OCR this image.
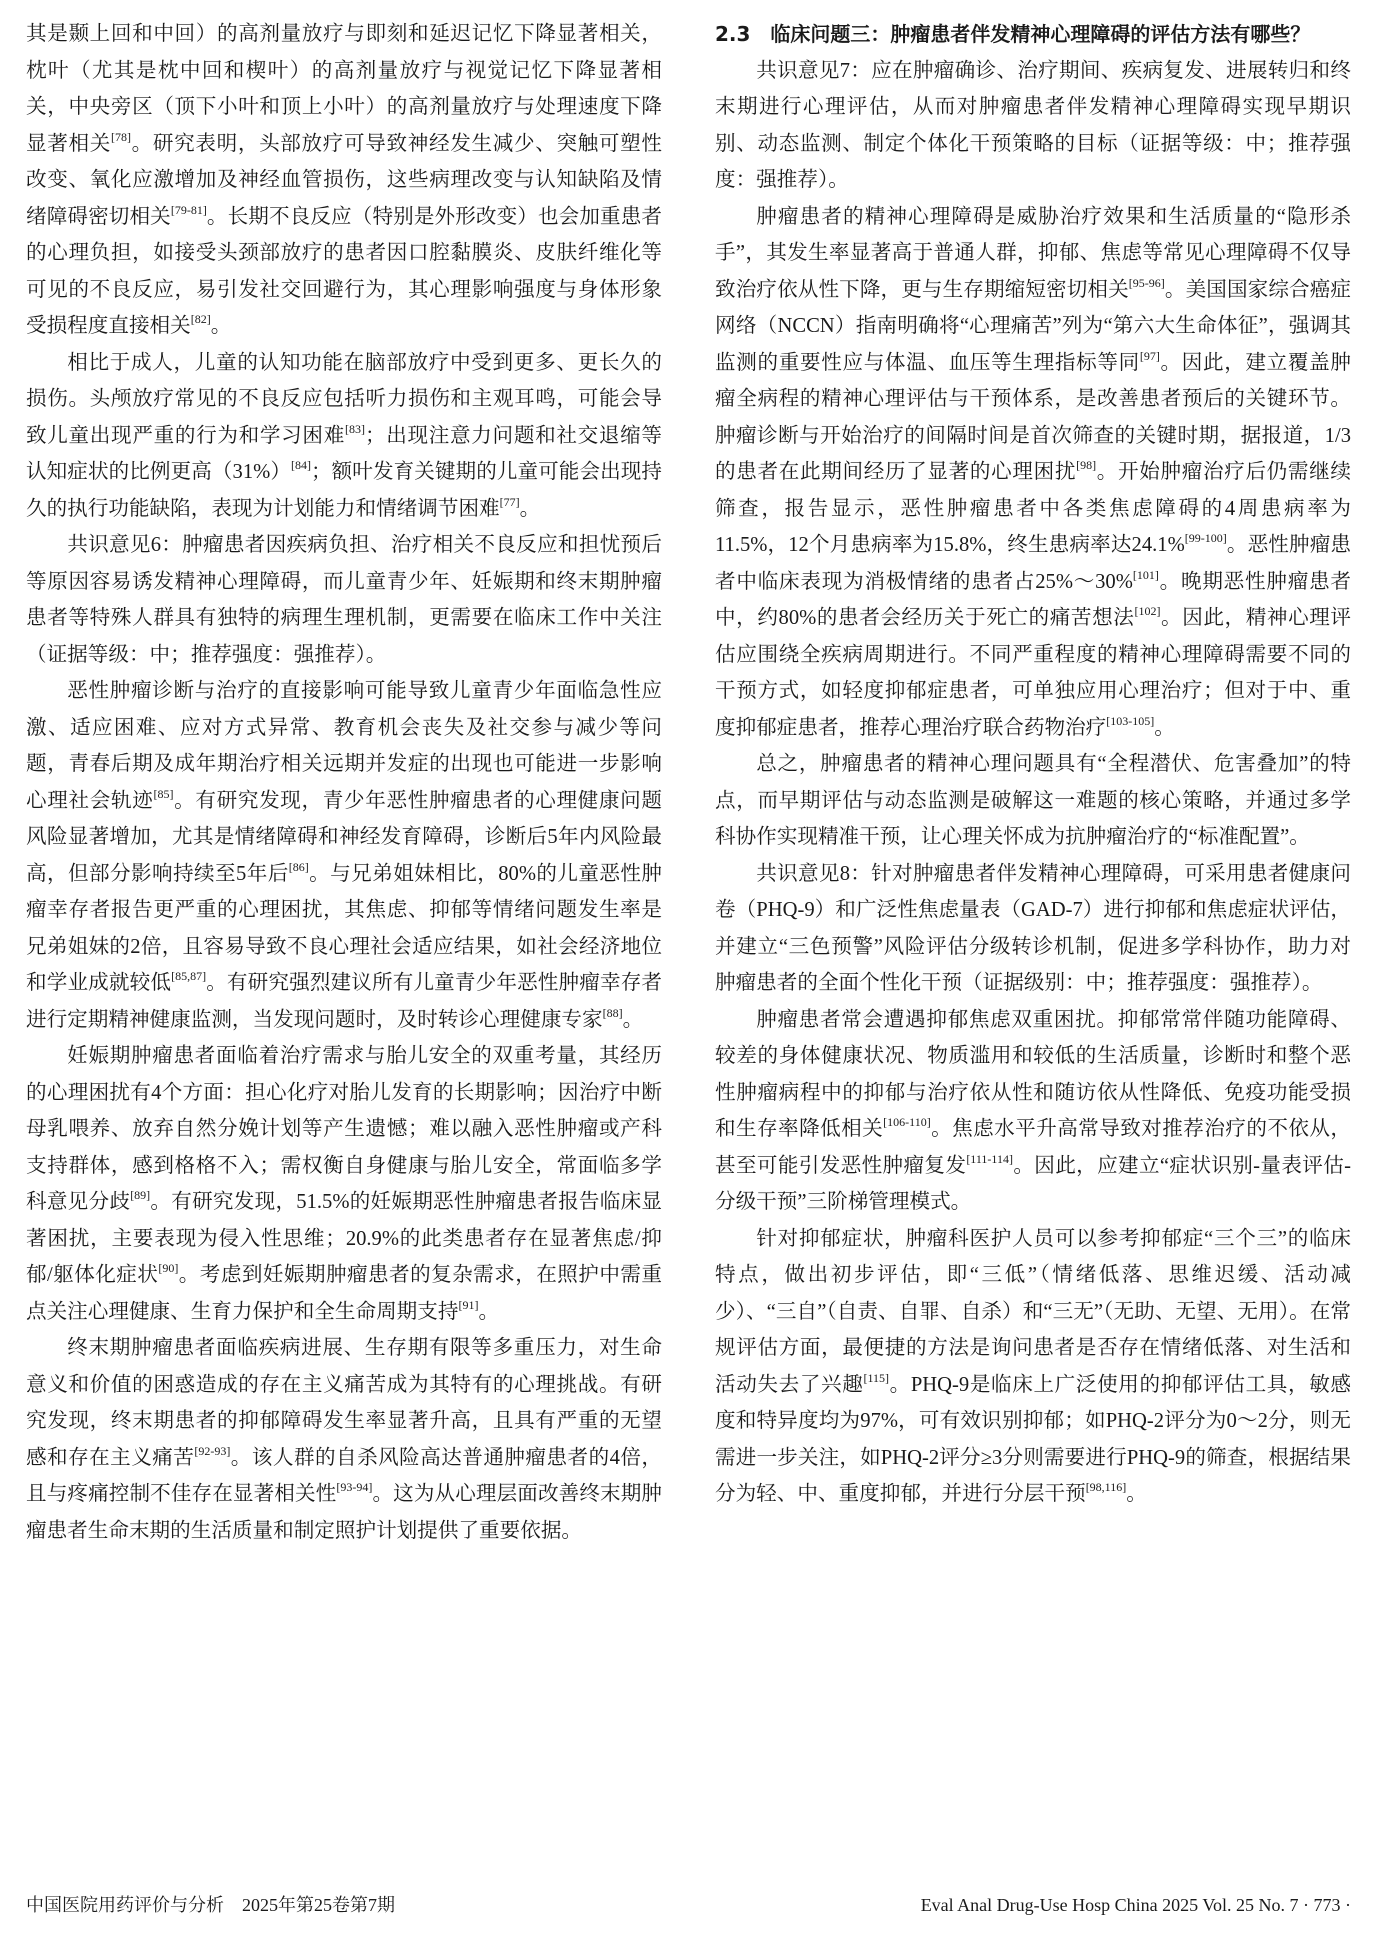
其是颞上回和中回）的高剂量放疗与即刻和延迟记忆下降显著相关，枕叶（尤其是枕中回和楔叶）的高剂量放疗与视觉记忆下降显著相关，中央旁区（顶下小叶和顶上小叶）的高剂量放疗与处理速度下降显著相关[78]。研究表明，头部放疗可导致神经发生减少、突触可塑性改变、氧化应激增加及神经血管损伤，这些病理改变与认知缺陷及情绪障碍密切相关[79-81]。长期不良反应（特别是外形改变）也会加重患者的心理负担，如接受头颈部放疗的患者因口腔黏膜炎、皮肤纤维化等可见的不良反应，易引发社交回避行为，其心理影响强度与身体形象受损程度直接相关[82]。

相比于成人，儿童的认知功能在脑部放疗中受到更多、更长久的损伤。头颅放疗常见的不良反应包括听力损伤和主观耳鸣，可能会导致儿童出现严重的行为和学习困难[83]；出现注意力问题和社交退缩等认知症状的比例更高（31%）[84]；额叶发育关键期的儿童可能会出现持久的执行功能缺陷，表现为计划能力和情绪调节困难[77]。

共识意见6：肿瘤患者因疾病负担、治疗相关不良反应和担忧预后等原因容易诱发精神心理障碍，而儿童青少年、妊娠期和终末期肿瘤患者等特殊人群具有独特的病理生理机制，更需要在临床工作中关注（证据等级：中；推荐强度：强推荐）。

恶性肿瘤诊断与治疗的直接影响可能导致儿童青少年面临急性应激、适应困难、应对方式异常、教育机会丧失及社交参与减少等问题，青春后期及成年期治疗相关远期并发症的出现也可能进一步影响心理社会轨迹[85]。有研究发现，青少年恶性肿瘤患者的心理健康问题风险显著增加，尤其是情绪障碍和神经发育障碍，诊断后5年内风险最高，但部分影响持续至5年后[86]。与兄弟姐妹相比，80%的儿童恶性肿瘤幸存者报告更严重的心理困扰，其焦虑、抑郁等情绪问题发生率是兄弟姐妹的2倍，且容易导致不良心理社会适应结果，如社会经济地位和学业成就较低[85,87]。有研究强烈建议所有儿童青少年恶性肿瘤幸存者进行定期精神健康监测，当发现问题时，及时转诊心理健康专家[88]。

妊娠期肿瘤患者面临着治疗需求与胎儿安全的双重考量，其经历的心理困扰有4个方面：担心化疗对胎儿发育的长期影响；因治疗中断母乳喂养、放弃自然分娩计划等产生遗憾；难以融入恶性肿瘤或产科支持群体，感到格格不入；需权衡自身健康与胎儿安全，常面临多学科意见分歧[89]。有研究发现，51.5%的妊娠期恶性肿瘤患者报告临床显著困扰，主要表现为侵入性思维；20.9%的此类患者存在显著焦虑/抑郁/躯体化症状[90]。考虑到妊娠期肿瘤患者的复杂需求，在照护中需重点关注心理健康、生育力保护和全生命周期支持[91]。

终末期肿瘤患者面临疾病进展、生存期有限等多重压力，对生命意义和价值的困惑造成的存在主义痛苦成为其特有的心理挑战。有研究发现，终末期患者的抑郁障碍发生率显著升高，且具有严重的无望感和存在主义痛苦[92-93]。该人群的自杀风险高达普通肿瘤患者的4倍，且与疼痛控制不佳存在显著相关性[93-94]。这为从心理层面改善终末期肿瘤患者生命末期的生活质量和制定照护计划提供了重要依据。

2.3　临床问题三：肿瘤患者伴发精神心理障碍的评估方法有哪些？

共识意见7：应在肿瘤确诊、治疗期间、疾病复发、进展转归和终末期进行心理评估，从而对肿瘤患者伴发精神心理障碍实现早期识别、动态监测、制定个体化干预策略的目标（证据等级：中；推荐强度：强推荐）。

肿瘤患者的精神心理障碍是威胁治疗效果和生活质量的“隐形杀手”，其发生率显著高于普通人群，抑郁、焦虑等常见心理障碍不仅导致治疗依从性下降，更与生存期缩短密切相关[95-96]。美国国家综合癌症网络（NCCN）指南明确将“心理痛苦”列为“第六大生命体征”，强调其监测的重要性应与体温、血压等生理指标等同[97]。因此，建立覆盖肿瘤全病程的精神心理评估与干预体系，是改善患者预后的关键环节。肿瘤诊断与开始治疗的间隔时间是首次筛查的关键时期，据报道，1/3的患者在此期间经历了显著的心理困扰[98]。开始肿瘤治疗后仍需继续筛查，报告显示，恶性肿瘤患者中各类焦虑障碍的4周患病率为11.5%，12个月患病率为15.8%，终生患病率达24.1%[99-100]。恶性肿瘤患者中临床表现为消极情绪的患者占25%～30%[101]。晚期恶性肿瘤患者中，约80%的患者会经历关于死亡的痛苦想法[102]。因此，精神心理评估应围绕全疾病周期进行。不同严重程度的精神心理障碍需要不同的干预方式，如轻度抑郁症患者，可单独应用心理治疗；但对于中、重度抑郁症患者，推荐心理治疗联合药物治疗[103-105]。

总之，肿瘤患者的精神心理问题具有“全程潜伏、危害叠加”的特点，而早期评估与动态监测是破解这一难题的核心策略，并通过多学科协作实现精准干预，让心理关怀成为抗肿瘤治疗的“标准配置”。

共识意见8：针对肿瘤患者伴发精神心理障碍，可采用患者健康问卷（PHQ-9）和广泛性焦虑量表（GAD-7）进行抑郁和焦虑症状评估，并建立“三色预警”风险评估分级转诊机制，促进多学科协作，助力对肿瘤患者的全面个性化干预（证据级别：中；推荐强度：强推荐）。

肿瘤患者常会遭遇抑郁焦虑双重困扰。抑郁常常伴随功能障碍、较差的身体健康状况、物质滥用和较低的生活质量，诊断时和整个恶性肿瘤病程中的抑郁与治疗依从性和随访依从性降低、免疫功能受损和生存率降低相关[106-110]。焦虑水平升高常导致对推荐治疗的不依从，甚至可能引发恶性肿瘤复发[111-114]。因此，应建立“症状识别-量表评估-分级干预”三阶梯管理模式。

针对抑郁症状，肿瘤科医护人员可以参考抑郁症“三个三”的临床特点，做出初步评估，即“三低”（情绪低落、思维迟缓、活动减少）、“三自”（自责、自罪、自杀）和“三无”（无助、无望、无用）。在常规评估方面，最便捷的方法是询问患者是否存在情绪低落、对生活和活动失去了兴趣[115]。PHQ-9是临床上广泛使用的抑郁评估工具，敏感度和特异度均为97%，可有效识别抑郁；如PHQ-2评分为0～2分，则无需进一步关注，如PHQ-2评分≥3分则需要进行PHQ-9的筛查，根据结果分为轻、中、重度抑郁，并进行分层干预[98,116]。

中国医院用药评价与分析　2025年第25卷第7期	Eval Anal Drug-Use Hosp China 2025 Vol. 25 No. 7 · 773 ·
